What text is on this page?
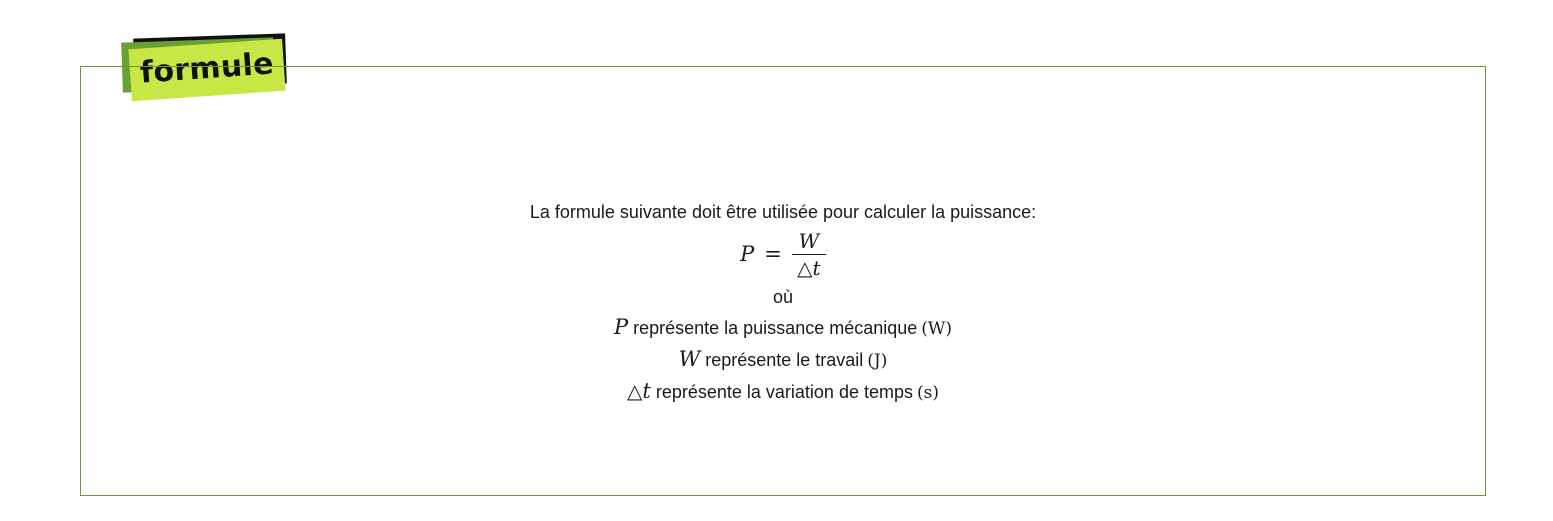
formule
La formule suivante doit être utilisée pour calculer la puissance:
$P = \frac{W}{\triangle t}$
où
P représente la puissance mécanique (W)
W représente le travail (J)
△t représente la variation de temps (s)
